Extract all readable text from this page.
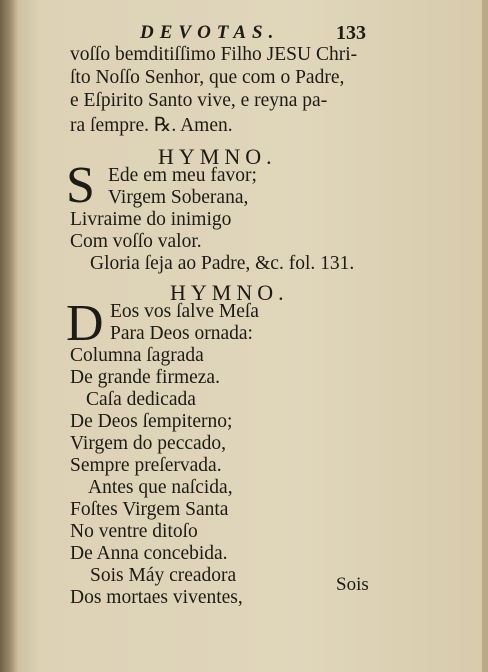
DEVOTAS.	133
voſſo bemditiſſimo Filho JESU Chri-
ſto Noſſo Senhor, que com o Padre,
e Eſpirito Santo vive, e reyna pa-
ra ſempre. ℞. Amen.
HYMNO.
S Ede em meu favor;
Virgem Soberana,
Livraime do inimigo
Com voſſo valor.
Gloria ſeja ao Padre, &c. fol. 131.
HYMNO.
D Eos vos ſalve Meſa
Para Deos ornada:
Columna ſagrada
De grande firmeza.
Caſa dedicada
De Deos ſempiterno;
Virgem do peccado,
Sempre preſervada.
Antes que naſcida,
Foſtes Virgem Santa
No ventre ditoſo
De Anna concebida.
Sois Máy creadora
Dos mortaes viventes,
Sois
